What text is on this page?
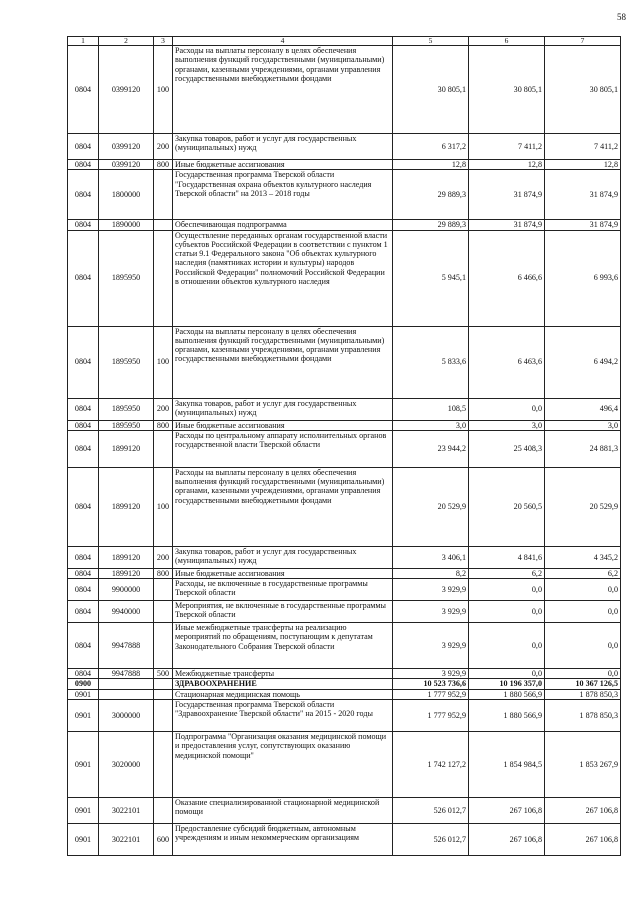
58
1	2	3	4	5	6	7
0804	0399120	100	Расходы на выплаты персоналу в целях обеспечения выполнения функций государственными (муниципальными) органами, казенными учреждениями, органами управления государственными внебюджетными фондами	30 805,1	30 805,1	30 805,1
0804	0399120	200	Закупка товаров, работ и услуг для государственных (муниципальных) нужд	6 317,2	7 411,2	7 411,2
0804	0399120	800	Иные бюджетные ассигнования	12,8	12,8	12,8
0804	1800000		Государственная программа Тверской области "Государственная охрана объектов культурного наследия Тверской области" на 2013 – 2018 годы	29 889,3	31 874,9	31 874,9
0804	1890000		Обеспечивающая подпрограмма	29 889,3	31 874,9	31 874,9
0804	1895950		Осуществление переданных органам государственной власти субъектов Российской Федерации в соответствии с пунктом 1 статьи 9.1 Федерального закона "Об объектах культурного наследия (памятниках истории и культуры) народов Российской Федерации" полномочий Российской Федерации в отношении объектов культурного наследия	5 945,1	6 466,6	6 993,6
0804	1895950	100	Расходы на выплаты персоналу в целях обеспечения выполнения функций государственными (муниципальными) органами, казенными учреждениями, органами управления государственными внебюджетными фондами	5 833,6	6 463,6	6 494,2
0804	1895950	200	Закупка товаров, работ и услуг для государственных (муниципальных) нужд	108,5	0,0	496,4
0804	1895950	800	Иные бюджетные ассигнования	3,0	3,0	3,0
0804	1899120		Расходы по центральному аппарату исполнительных органов государственной власти Тверской области	23 944,2	25 408,3	24 881,3
0804	1899120	100	Расходы на выплаты персоналу в целях обеспечения выполнения функций государственными (муниципальными) органами, казенными учреждениями, органами управления государственными внебюджетными фондами	20 529,9	20 560,5	20 529,9
0804	1899120	200	Закупка товаров, работ и услуг для государственных (муниципальных) нужд	3 406,1	4 841,6	4 345,2
0804	1899120	800	Иные бюджетные ассигнования	8,2	6,2	6,2
0804	9900000		Расходы, не включенные в государственные программы Тверской области	3 929,9	0,0	0,0
0804	9940000		Мероприятия, не включенные в государственные программы Тверской области	3 929,9	0,0	0,0
0804	9947888		Иные межбюджетные трансферты на реализацию мероприятий по обращениям, поступающим к депутатам Законодательного Собрания Тверской области	3 929,9	0,0	0,0
0804	9947888	500	Межбюджетные трансферты	3 929,9	0,0	0,0
0900			ЗДРАВООХРАНЕНИЕ	10 523 736,6	10 196 357,0	10 367 126,5
0901			Стационарная медицинская помощь	1 777 952,9	1 880 566,9	1 878 850,3
0901	3000000		Государственная программа Тверской области "Здравоохранение Тверской области" на 2015 - 2020 годы	1 777 952,9	1 880 566,9	1 878 850,3
0901	3020000		Подпрограмма "Организация оказания медицинской помощи и предоставления услуг, сопутствующих оказанию медицинской помощи"	1 742 127,2	1 854 984,5	1 853 267,9
0901	3022101		Оказание специализированной стационарной медицинской помощи	526 012,7	267 106,8	267 106,8
0901	3022101	600	Предоставление субсидий бюджетным, автономным учреждениям и иным некоммерческим организациям	526 012,7	267 106,8	267 106,8
